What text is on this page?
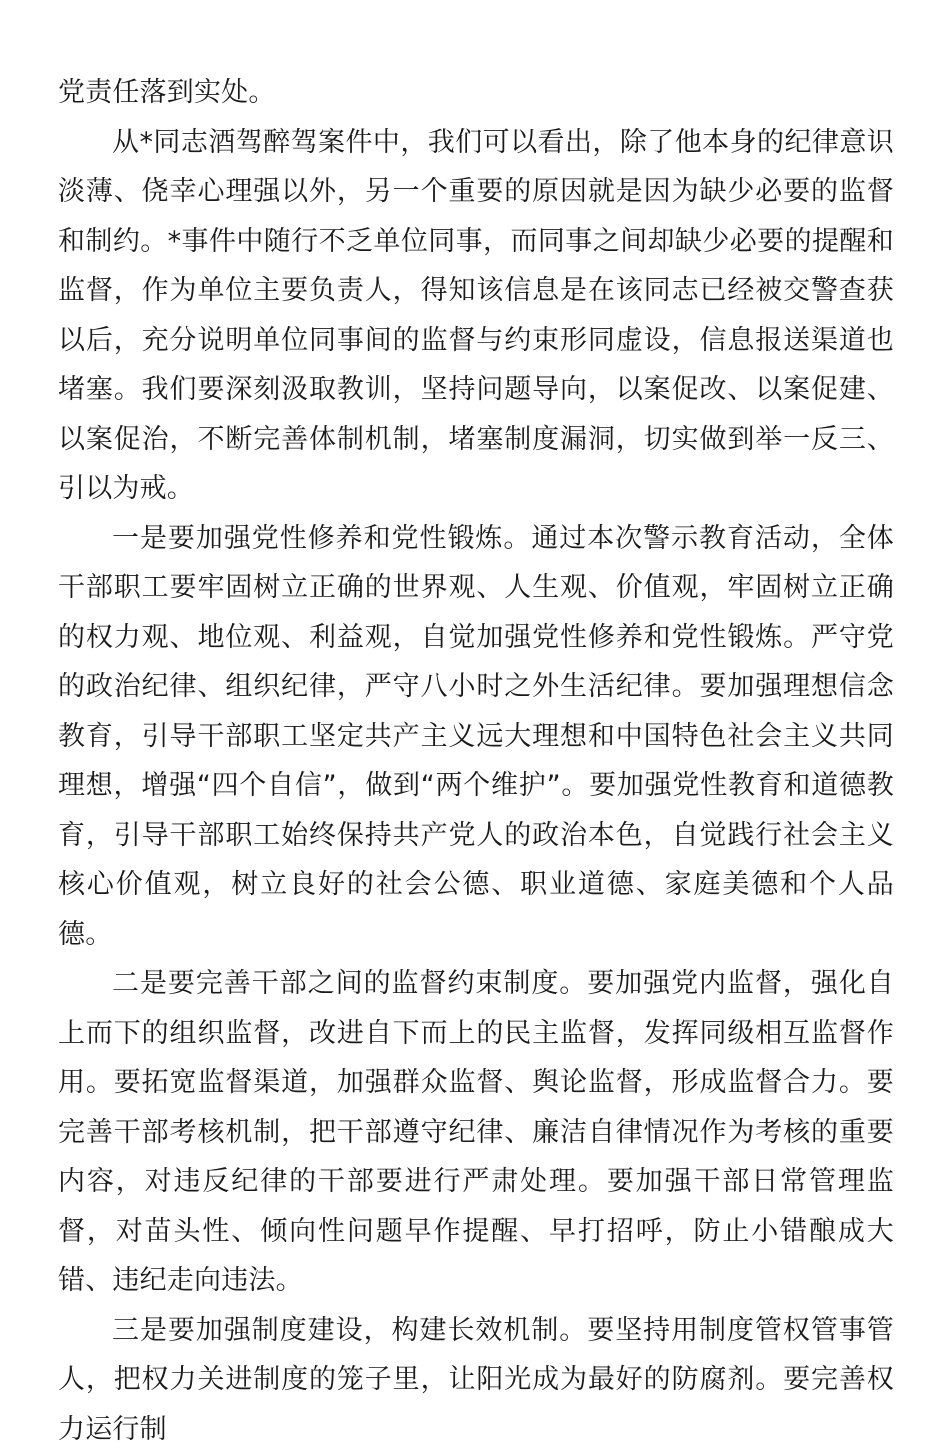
党责任落到实处。

从*同志酒驾醉驾案件中，我们可以看出，除了他本身的纪律意识淡薄、侥幸心理强以外，另一个重要的原因就是因为缺少必要的监督和制约。*事件中随行不乏单位同事，而同事之间却缺少必要的提醒和监督，作为单位主要负责人，得知该信息是在该同志已经被交警查获以后，充分说明单位同事间的监督与约束形同虚设，信息报送渠道也堵塞。我们要深刻汲取教训，坚持问题导向，以案促改、以案促建、以案促治，不断完善体制机制，堵塞制度漏洞，切实做到举一反三、引以为戒。

一是要加强党性修养和党性锻炼。通过本次警示教育活动，全体干部职工要牢固树立正确的世界观、人生观、价值观，牢固树立正确的权力观、地位观、利益观，自觉加强党性修养和党性锻炼。严守党的政治纪律、组织纪律，严守八小时之外生活纪律。要加强理想信念教育，引导干部职工坚定共产主义远大理想和中国特色社会主义共同理想，增强“四个自信”，做到“两个维护”。要加强党性教育和道德教育，引导干部职工始终保持共产党人的政治本色，自觉践行社会主义核心价值观，树立良好的社会公德、职业道德、家庭美德和个人品德。

二是要完善干部之间的监督约束制度。要加强党内监督，强化自上而下的组织监督，改进自下而上的民主监督，发挥同级相互监督作用。要拓宽监督渠道，加强群众监督、舆论监督，形成监督合力。要完善干部考核机制，把干部遵守纪律、廉洁自律情况作为考核的重要内容，对违反纪律的干部要进行严肃处理。要加强干部日常管理监督，对苗头性、倾向性问题早作提醒、早打招呼，防止小错酿成大错、违纪走向违法。

三是要加强制度建设，构建长效机制。要坚持用制度管权管事管人，把权力关进制度的笼子里，让阳光成为最好的防腐剂。要完善权力运行制
